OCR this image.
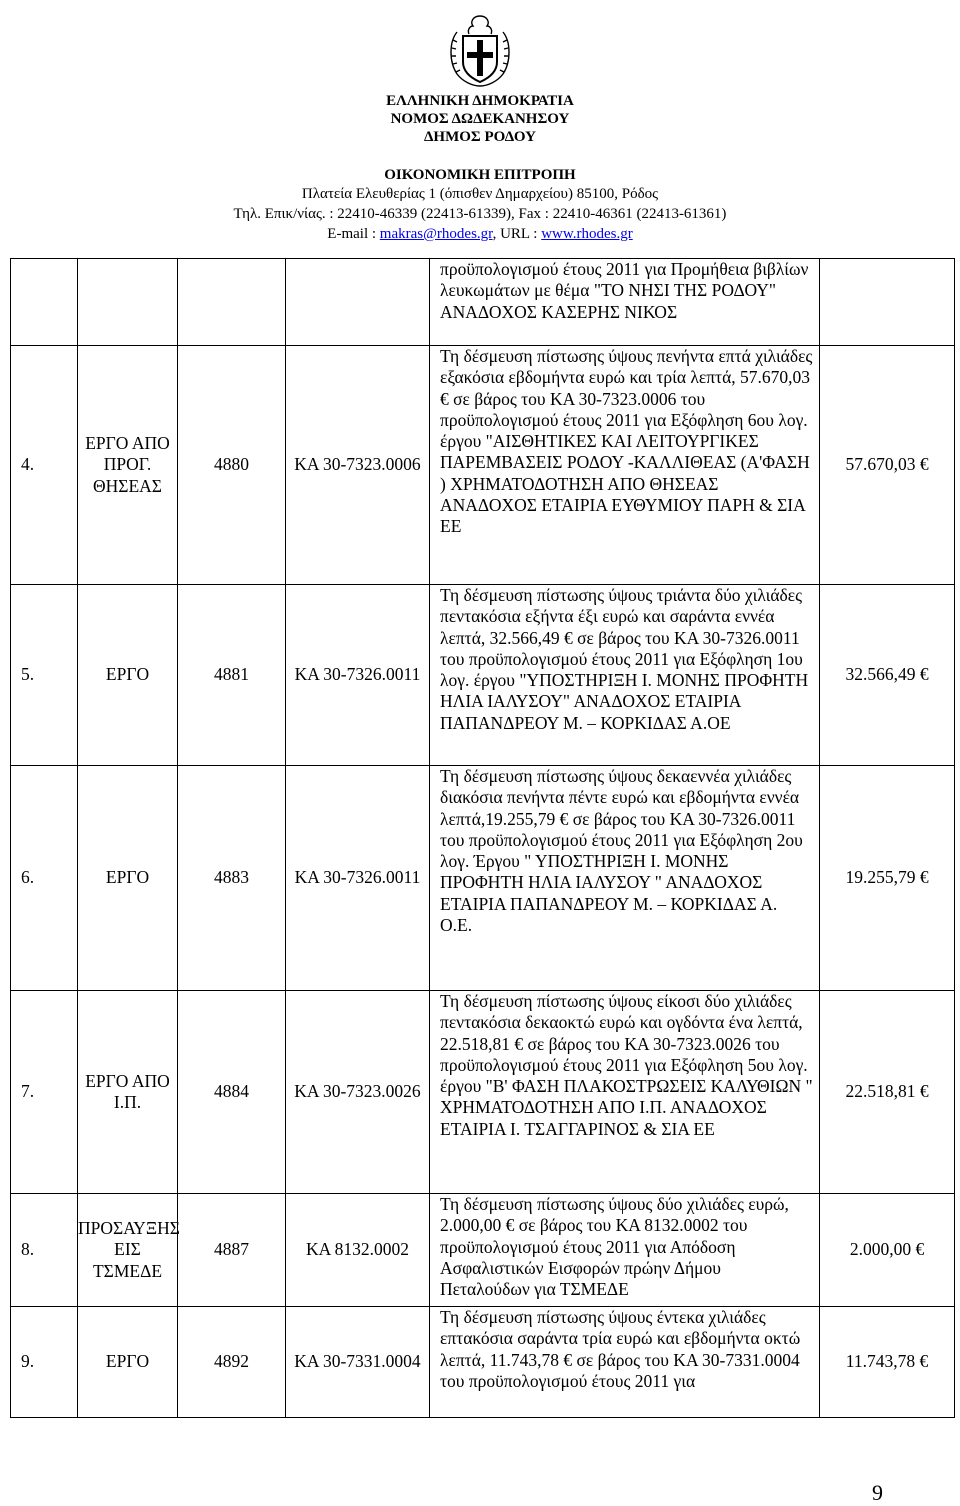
ΕΛΛΗΝΙΚΗ ΔΗΜΟΚΡΑΤΙΑ
ΝΟΜΟΣ ΔΩΔΕΚΑΝΗΣΟΥ
ΔΗΜΟΣ ΡΟΔΟΥ
ΟΙΚΟΝΟΜΙΚΗ ΕΠΙΤΡΟΠΗ
Πλατεία Ελευθερίας 1 (όπισθεν Δημαρχείου) 85100, Ρόδος
Τηλ. Επικ/νίας. : 22410-46339 (22413-61339), Fax : 22410-46361 (22413-61361)
E-mail : makras@rhodes.gr, URL : www.rhodes.gr
				προϋπολογισμού έτους 2011 για Προμήθεια βιβλίων λευκωμάτων με θέμα "ΤΟ ΝΗΣΙ ΤΗΣ ΡΟΔΟΥ" ΑΝΑΔΟΧΟΣ ΚΑΣΕΡΗΣ ΝΙΚΟΣ	
4.	ΕΡΓΟ ΑΠΟ ΠΡΟΓ. ΘΗΣΕΑΣ	4880	ΚΑ 30-7323.0006	Τη δέσμευση πίστωσης ύψους πενήντα επτά χιλιάδες εξακόσια εβδομήντα ευρώ και τρία λεπτά, 57.670,03 € σε βάρος του ΚΑ 30-7323.0006 του προϋπολογισμού έτους 2011 για Εξόφληση 6ου λογ. έργου "ΑΙΣΘΗΤΙΚΕΣ ΚΑΙ ΛΕΙΤΟΥΡΓΙΚΕΣ ΠΑΡΕΜΒΑΣΕΙΣ ΡΟΔΟΥ -ΚΑΛΛΙΘΕΑΣ (Α'ΦΑΣΗ ) ΧΡΗΜΑΤΟΔΟΤΗΣΗ ΑΠΟ ΘΗΣΕΑΣ ΑΝΑΔΟΧΟΣ ΕΤΑΙΡΙΑ ΕΥΘΥΜΙΟΥ ΠΑΡΗ & ΣΙΑ ΕΕ	57.670,03 €
5.	ΕΡΓΟ	4881	ΚΑ 30-7326.0011	Τη δέσμευση πίστωσης ύψους τριάντα δύο χιλιάδες πεντακόσια εξήντα έξι ευρώ και σαράντα εννέα λεπτά, 32.566,49 € σε βάρος του ΚΑ 30-7326.0011 του προϋπολογισμού έτους 2011 για Εξόφληση 1ου λογ. έργου "ΥΠΟΣΤΗΡΙΞΗ Ι. ΜΟΝΗΣ ΠΡΟΦΗΤΗ ΗΛΙΑ ΙΑΛΥΣΟΥ" ΑΝΑΔΟΧΟΣ ΕΤΑΙΡΙΑ ΠΑΠΑΝΔΡΕΟΥ Μ. – ΚΟΡΚΙΔΑΣ Α.ΟΕ	32.566,49 €
6.	ΕΡΓΟ	4883	ΚΑ 30-7326.0011	Τη δέσμευση πίστωσης ύψους δεκαεννέα χιλιάδες διακόσια πενήντα πέντε ευρώ και εβδομήντα εννέα λεπτά,19.255,79 € σε βάρος του ΚΑ 30-7326.0011 του προϋπολογισμού έτους 2011 για Εξόφληση 2ου λογ. Έργου " ΥΠΟΣΤΗΡΙΞΗ Ι. ΜΟΝΗΣ ΠΡΟΦΗΤΗ ΗΛΙΑ ΙΑΛΥΣΟΥ " ΑΝΑΔΟΧΟΣ ΕΤΑΙΡΙΑ ΠΑΠΑΝΔΡΕΟΥ Μ. – ΚΟΡΚΙΔΑΣ Α. Ο.Ε.	19.255,79 €
7.	ΕΡΓΟ ΑΠΟ Ι.Π.	4884	ΚΑ 30-7323.0026	Τη δέσμευση πίστωσης ύψους είκοσι δύο χιλιάδες πεντακόσια δεκαοκτώ ευρώ και ογδόντα ένα λεπτά, 22.518,81 € σε βάρος του ΚΑ 30-7323.0026 του προϋπολογισμού έτους 2011 για Εξόφληση 5ου λογ. έργου "Β' ΦΑΣΗ ΠΛΑΚΟΣΤΡΩΣΕΙΣ ΚΑΛΥΘΙΩΝ " ΧΡΗΜΑΤΟΔΟΤΗΣΗ ΑΠΟ Ι.Π. ΑΝΑΔΟΧΟΣ ΕΤΑΙΡΙΑ Ι. ΤΣΑΓΓΑΡΙΝΟΣ & ΣΙΑ ΕΕ	22.518,81 €
8.	ΠΡΟΣΑΥΞΗΣ ΕΙΣ ΤΣΜΕΔΕ	4887	ΚΑ 8132.0002	Τη δέσμευση πίστωσης ύψους δύο χιλιάδες ευρώ, 2.000,00 € σε βάρος του ΚΑ 8132.0002 του προϋπολογισμού έτους 2011 για Απόδοση Ασφαλιστικών Εισφορών πρώην Δήμου Πεταλούδων για ΤΣΜΕΔΕ	2.000,00 €
9.	ΕΡΓΟ	4892	ΚΑ 30-7331.0004	Τη δέσμευση πίστωσης ύψους έντεκα χιλιάδες επτακόσια σαράντα τρία ευρώ και εβδομήντα οκτώ λεπτά, 11.743,78 € σε βάρος του ΚΑ 30-7331.0004 του προϋπολογισμού έτους 2011 για	11.743,78 €
9
